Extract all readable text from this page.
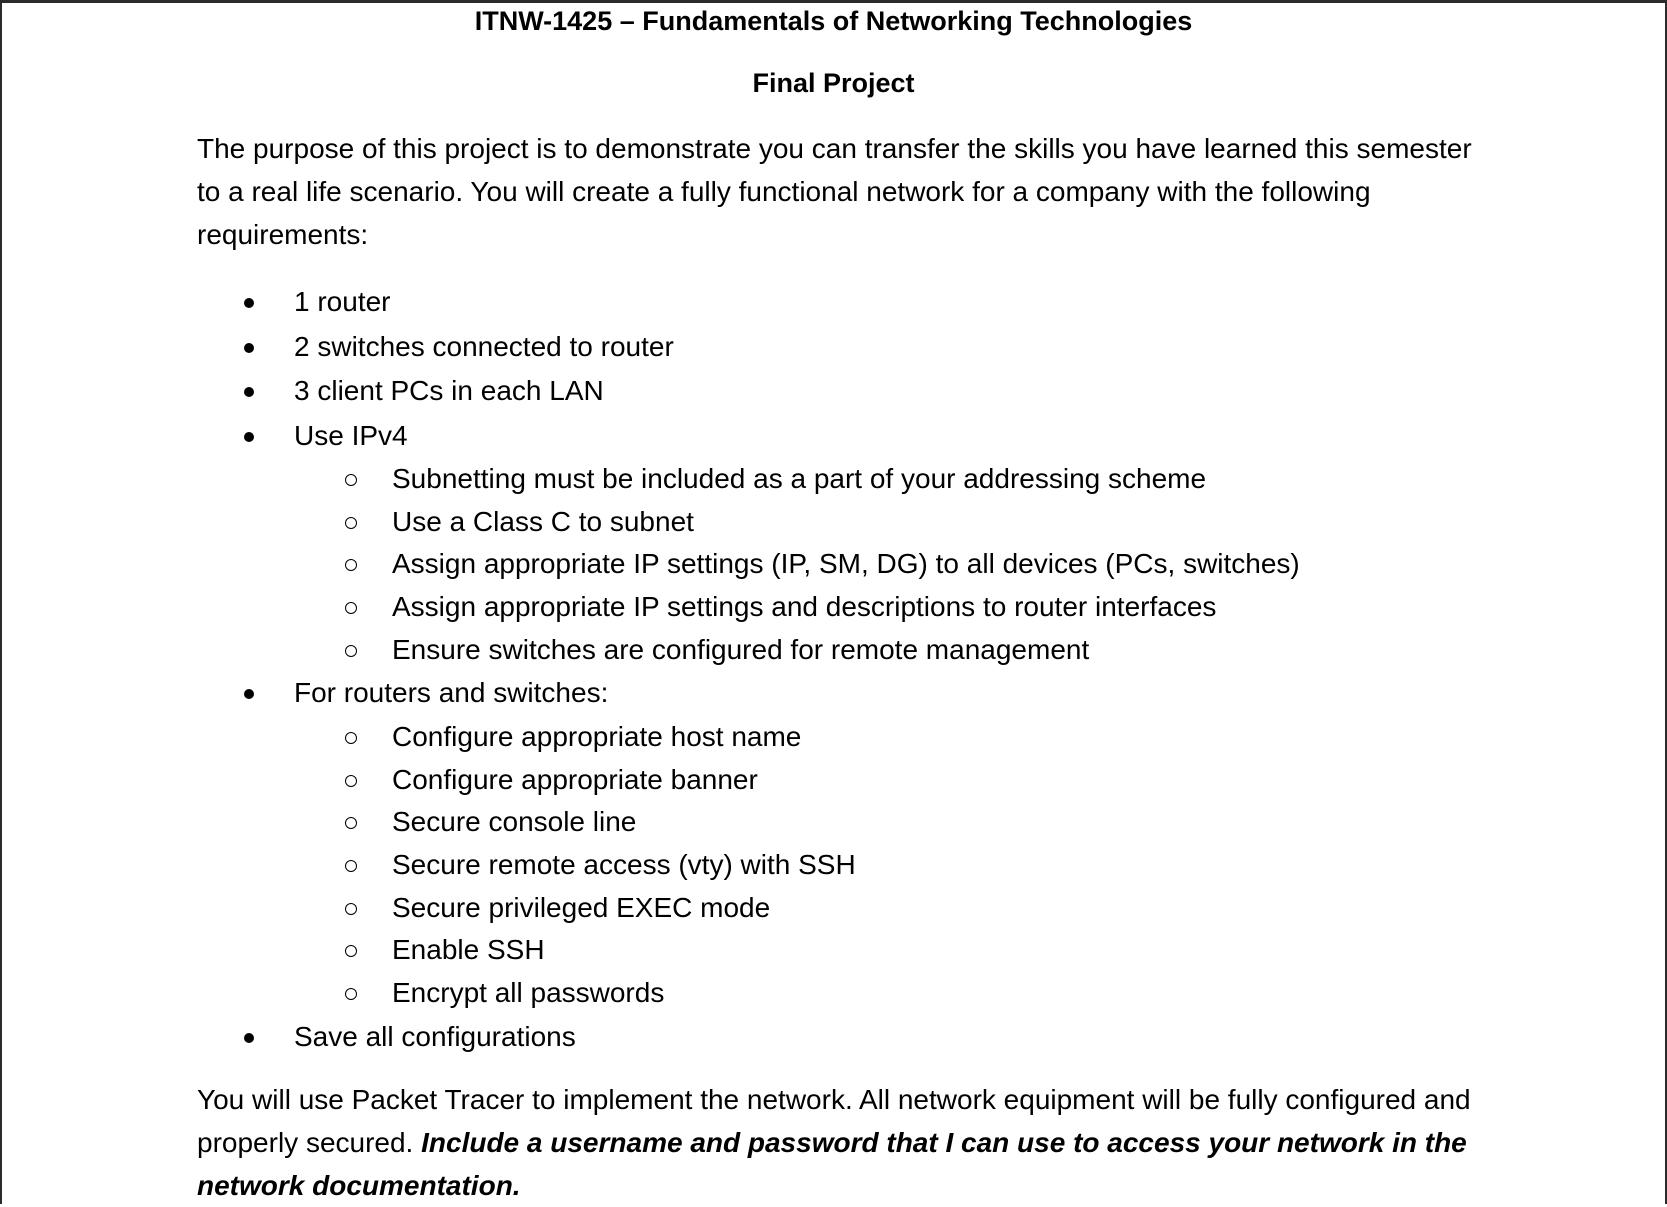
ITNW-1425 – Fundamentals of Networking Technologies
Final Project

The purpose of this project is to demonstrate you can transfer the skills you have learned this semester to a real life scenario. You will create a fully functional network for a company with the following requirements:

1 router
2 switches connected to router
3 client PCs in each LAN
Use IPv4
Subnetting must be included as a part of your addressing scheme
Use a Class C to subnet
Assign appropriate IP settings (IP, SM, DG) to all devices (PCs, switches)
Assign appropriate IP settings and descriptions to router interfaces
Ensure switches are configured for remote management
For routers and switches:
Configure appropriate host name
Configure appropriate banner
Secure console line
Secure remote access (vty) with SSH
Secure privileged EXEC mode
Enable SSH
Encrypt all passwords
Save all configurations

You will use Packet Tracer to implement the network. All network equipment will be fully configured and properly secured. Include a username and password that I can use to access your network in the network documentation.
